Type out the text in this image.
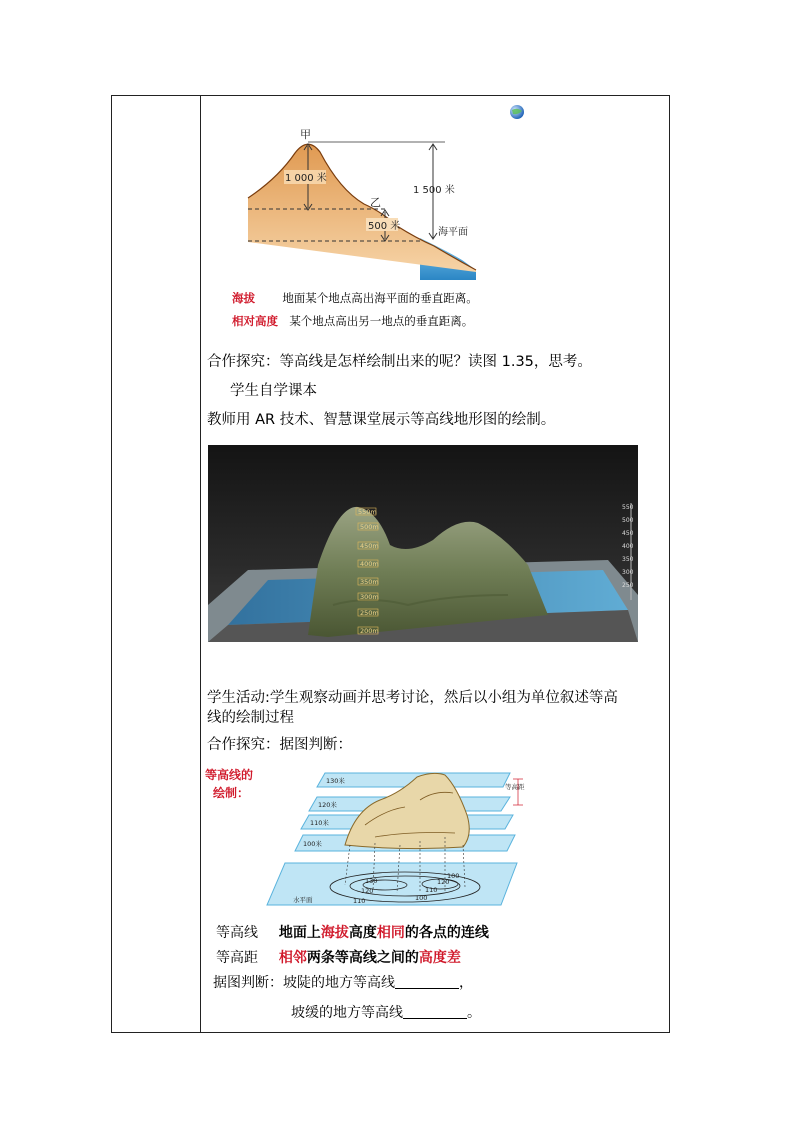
甲
乙
1 000 米
500 米
1 500 米
海平面
海拔 地面某个地点高出海平面的垂直距离。
相对高度 某个地点高出另一地点的垂直距离。
合作探究：等高线是怎样绘制出来的呢？读图 1.35，思考。
学生自学课本
教师用 AR 技术、智慧课堂展示等高线地形图的绘制。
550m
500m
450m
400m
350m
300m
250m
200m
550
500
450
400
350
300
250
学生活动:学生观察动画并思考讨论，然后以小组为单位叙述等高
线的绘制过程
合作探究：据图判断：
等高线的
绘制：
130米
120米
110米
100米
水平面
等高距
130
120
110
100
120
110
100
等高线 地面上海拔高度相同的各点的连线
等高距 相邻两条等高线之间的高度差
据图判断：坡陡的地方等高线	，
坡缓的地方等高线	。
